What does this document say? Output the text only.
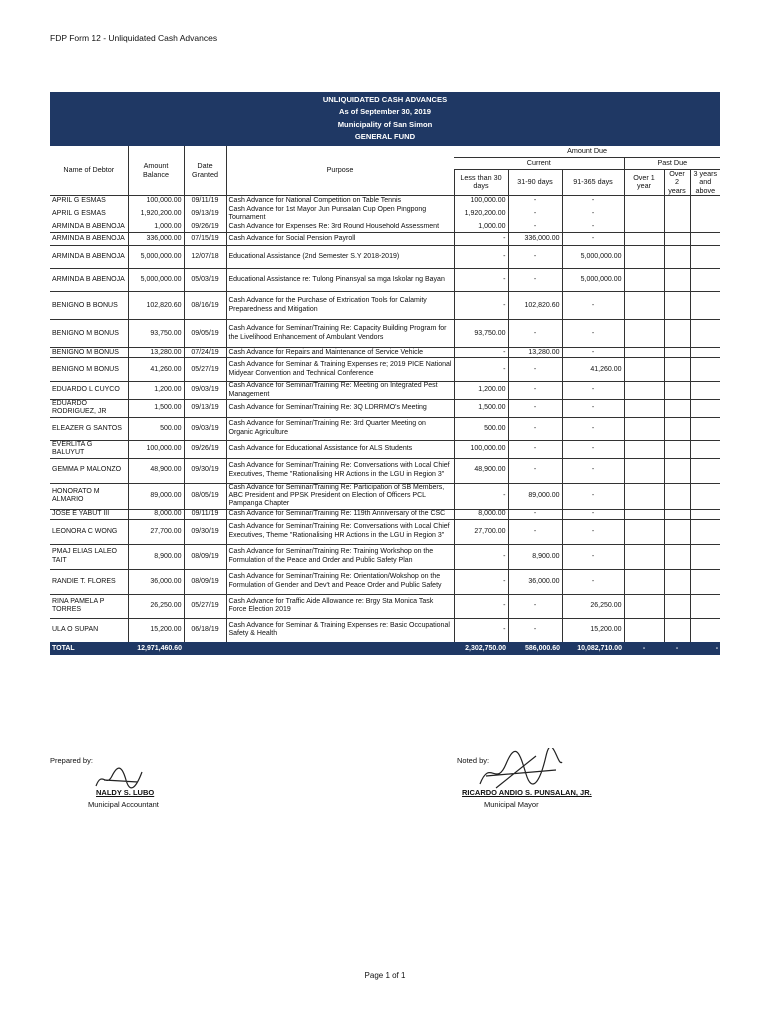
FDP Form 12 - Unliquidated Cash Advances
UNLIQUIDATED CASH ADVANCES
As of September 30, 2019
Municipality of San Simon
GENERAL FUND
Name of Debtor	Amount Balance	Date Granted	Purpose	Amount Due					
				Current			Past Due		
				Less than 30 days	31-90 days	91-365 days	Over 1 year	Over 2 years	3 years and above

APRIL G ESMAS	100,000.00	09/11/19	Cash Advance for National Competition on Table Tennis	100,000.00	-	-			
APRIL G ESMAS	1,920,200.00	09/13/19	Cash Advance for 1st Mayor Jun Punsalan Cup Open Pingpong Tournament	1,920,200.00	-	-			
ARMINDA B ABENOJA	1,000.00	09/26/19	Cash Advance for Expenses Re: 3rd Round Household Assessment	1,000.00	-	-			
ARMINDA B ABENOJA	336,000.00	07/15/19	Cash Advance for Social Pension Payroll	-	336,000.00	-			
ARMINDA B ABENOJA	5,000,000.00	12/07/18	Educational Assistance (2nd Semester S.Y 2018-2019)	-	-	5,000,000.00			
ARMINDA B ABENOJA	5,000,000.00	05/03/19	Educational Assistance re: Tulong Pinansyal sa mga Iskolar ng Bayan	-	-	5,000,000.00			
BENIGNO B BONUS	102,820.60	08/16/19	Cash Advance for the Purchase of Extrication Tools for Calamity Preparedness and Mitigation	-	102,820.60	-			
BENIGNO M BONUS	93,750.00	09/05/19	Cash Advance for Seminar/Training Re: Capacity Building Program for the Livelihood Enhancement of Ambulant Vendors	93,750.00	-	-			
BENIGNO M BONUS	13,280.00	07/24/19	Cash Advance for Repairs and Maintenance of Service Vehicle	-	13,280.00	-			
BENIGNO M BONUS	41,260.00	05/27/19	Cash Advance for Seminar & Training Expenses re; 2019 PICE National Midyear Convention and Technical Conference	-	-	41,260.00			
EDUARDO L CUYCO	1,200.00	09/03/19	Cash Advance for Seminar/Training Re: Meeting on Integrated Pest Management	1,200.00	-	-			
EDUARDO RODRIGUEZ, JR	1,500.00	09/13/19	Cash Advance for Seminar/Training Re: 3Q LDRRMO's Meeting	1,500.00	-	-			
ELEAZER G SANTOS	500.00	09/03/19	Cash Advance for Seminar/Training Re: 3rd Quarter Meeting on Organic Agriculture	500.00	-	-			
EVERLITA G BALUYUT	100,000.00	09/26/19	Cash Advance for Educational Assistance for ALS Students	100,000.00	-	-			
GEMMA P MALONZO	48,900.00	09/30/19	Cash Advance for Seminar/Training Re: Conversations with Local Chief Executives, Theme "Rationalising HR Actions in the LGU in Region 3"	48,900.00	-	-			
HONORATO M ALMARIO	89,000.00	08/05/19	Cash Advance for Seminar/Training Re: Participation of SB Members, ABC President and PPSK President on Election of Officers PCL Pampanga Chapter	-	89,000.00	-			
JOSE E YABUT III	8,000.00	09/11/19	Cash Advance for Seminar/Training Re: 119th Anniversary of the CSC	8,000.00	-	-			
LEONORA C WONG	27,700.00	09/30/19	Cash Advance for Seminar/Training Re: Conversations with Local Chief Executives, Theme "Rationalising HR Actions in the LGU in Region 3"	27,700.00	-	-			
PMAJ ELIAS LALEO TAIT	8,900.00	08/09/19	Cash Advance for Seminar/Training Re: Training Workshop on the Formulation of the Peace and Order and Public Safety Plan	-	8,900.00	-			
RANDIE T. FLORES	36,000.00	08/09/19	Cash Advance for Seminar/Training Re: Orientation/Wokshop on the Formulation of Gender and Dev't and Peace Order and Public Safety	-	36,000.00	-			
RINA PAMELA P TORRES	26,250.00	05/27/19	Cash Advance for Traffic Aide Allowance re: Brgy Sta Monica Task Force Election 2019	-	-	26,250.00			
ULA O SUPAN	15,200.00	06/18/19	Cash Advance for Seminar & Training Expenses re: Basic Occupational Safety & Health	-	-	15,200.00			
TOTAL	12,971,460.60			2,302,750.00	586,000.60	10,082,710.00	-	-	-
Prepared by:
NALDY S. LUBO
Municipal Accountant
Noted by:
RICARDO ANDIO S. PUNSALAN, JR.
Municipal Mayor
Page 1 of 1
